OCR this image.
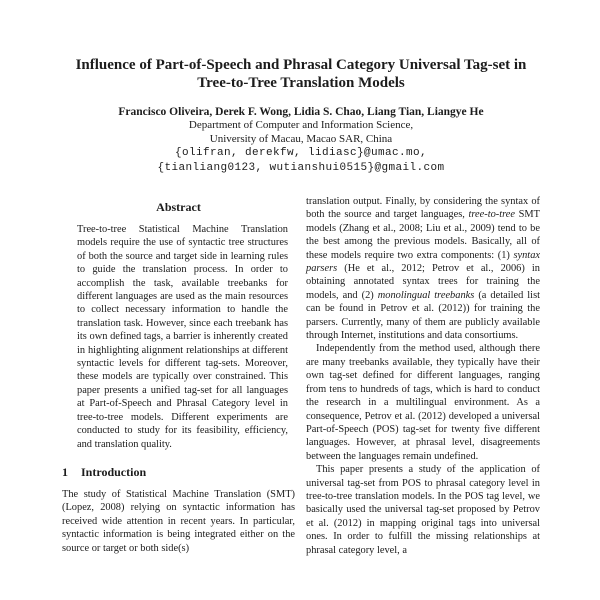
Influence of Part-of-Speech and Phrasal Category Universal Tag-set in
Tree-to-Tree Translation Models
Francisco Oliveira, Derek F. Wong, Lidia S. Chao, Liang Tian, Liangye He
Department of Computer and Information Science,
University of Macau, Macao SAR, China
{olifran, derekfw, lidiasc}@umac.mo,
{tianliang0123, wutianshui0515}@gmail.com
Abstract

Tree-to-tree Statistical Machine Translation models require the use of syntactic tree structures of both the source and target side in learning rules to guide the translation process. In order to accomplish the task, available treebanks for different languages are used as the main resources to collect necessary information to handle the translation task. However, since each treebank has its own defined tags, a barrier is inherently created in highlighting alignment relationships at different syntactic levels for different tag-sets. Moreover, these models are typically over constrained. This paper presents a unified tag-set for all languages at Part-of-Speech and Phrasal Category level in tree-to-tree models. Different experiments are conducted to study for its feasibility, efficiency, and translation quality.

1 Introduction

The study of Statistical Machine Translation (SMT) (Lopez, 2008) relying on syntactic information has received wide attention in recent years. In particular, syntactic information is being integrated either on the source or target or both side(s)

translation output. Finally, by considering the syntax of both the source and target languages, tree-to-tree SMT models (Zhang et al., 2008; Liu et al., 2009) tend to be the best among the previous models. Basically, all of these models require two extra components: (1) syntax parsers (He et al., 2012; Petrov et al., 2006) in obtaining annotated syntax trees for training the models, and (2) monolingual treebanks (a detailed list can be found in Petrov et al. (2012)) for training the parsers. Currently, many of them are publicly available through Internet, institutions and data consortiums.

Independently from the method used, although there are many treebanks available, they typically have their own tag-set defined for different languages, ranging from tens to hundreds of tags, which is hard to conduct the research in a multilingual environment. As a consequence, Petrov et al. (2012) developed a universal Part-of-Speech (POS) tag-set for twenty five different languages. However, at phrasal level, disagreements between the languages remain undefined.

This paper presents a study of the application of universal tag-set from POS to phrasal category level in tree-to-tree translation models. In the POS tag level, we basically used the universal tag-set proposed by Petrov et al. (2012) in mapping original tags into universal ones. In order to fulfill the missing relationships at phrasal category level, a
